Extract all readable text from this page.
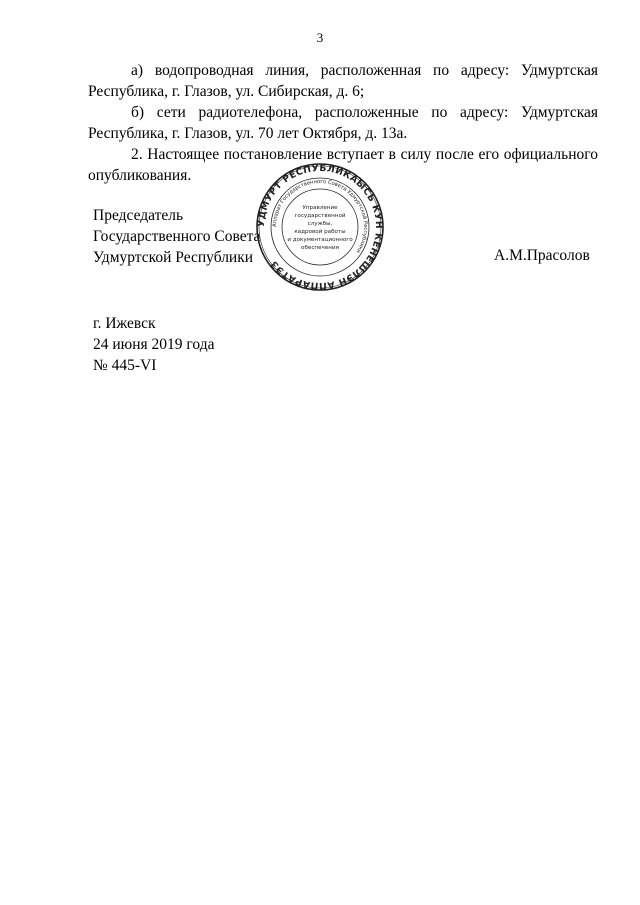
3

а) водопроводная линия, расположенная по адресу: Удмуртская Республика, г. Глазов, ул. Сибирская, д. 6;

б) сети радиотелефона, расположенные по адресу: Удмуртская Республика, г. Глазов, ул. 70 лет Октября, д. 13а.

2. Настоящее постановление вступает в силу после его официального опубликования.

Председатель
Государственного Совета
Удмуртской Республики	А.М.Прасолов
УДМУРТ РЕСПУБЛИКАЫСЬ КУН КЕНЕШЛЭН АППАРАТЭЗ
Аппарат Государственного Совета Удмуртской Республики
Управление
государственной
службы,
кадровой работы
и документационного
обеспечения
г. Ижевск
24 июня 2019 года
№ 445-VI
